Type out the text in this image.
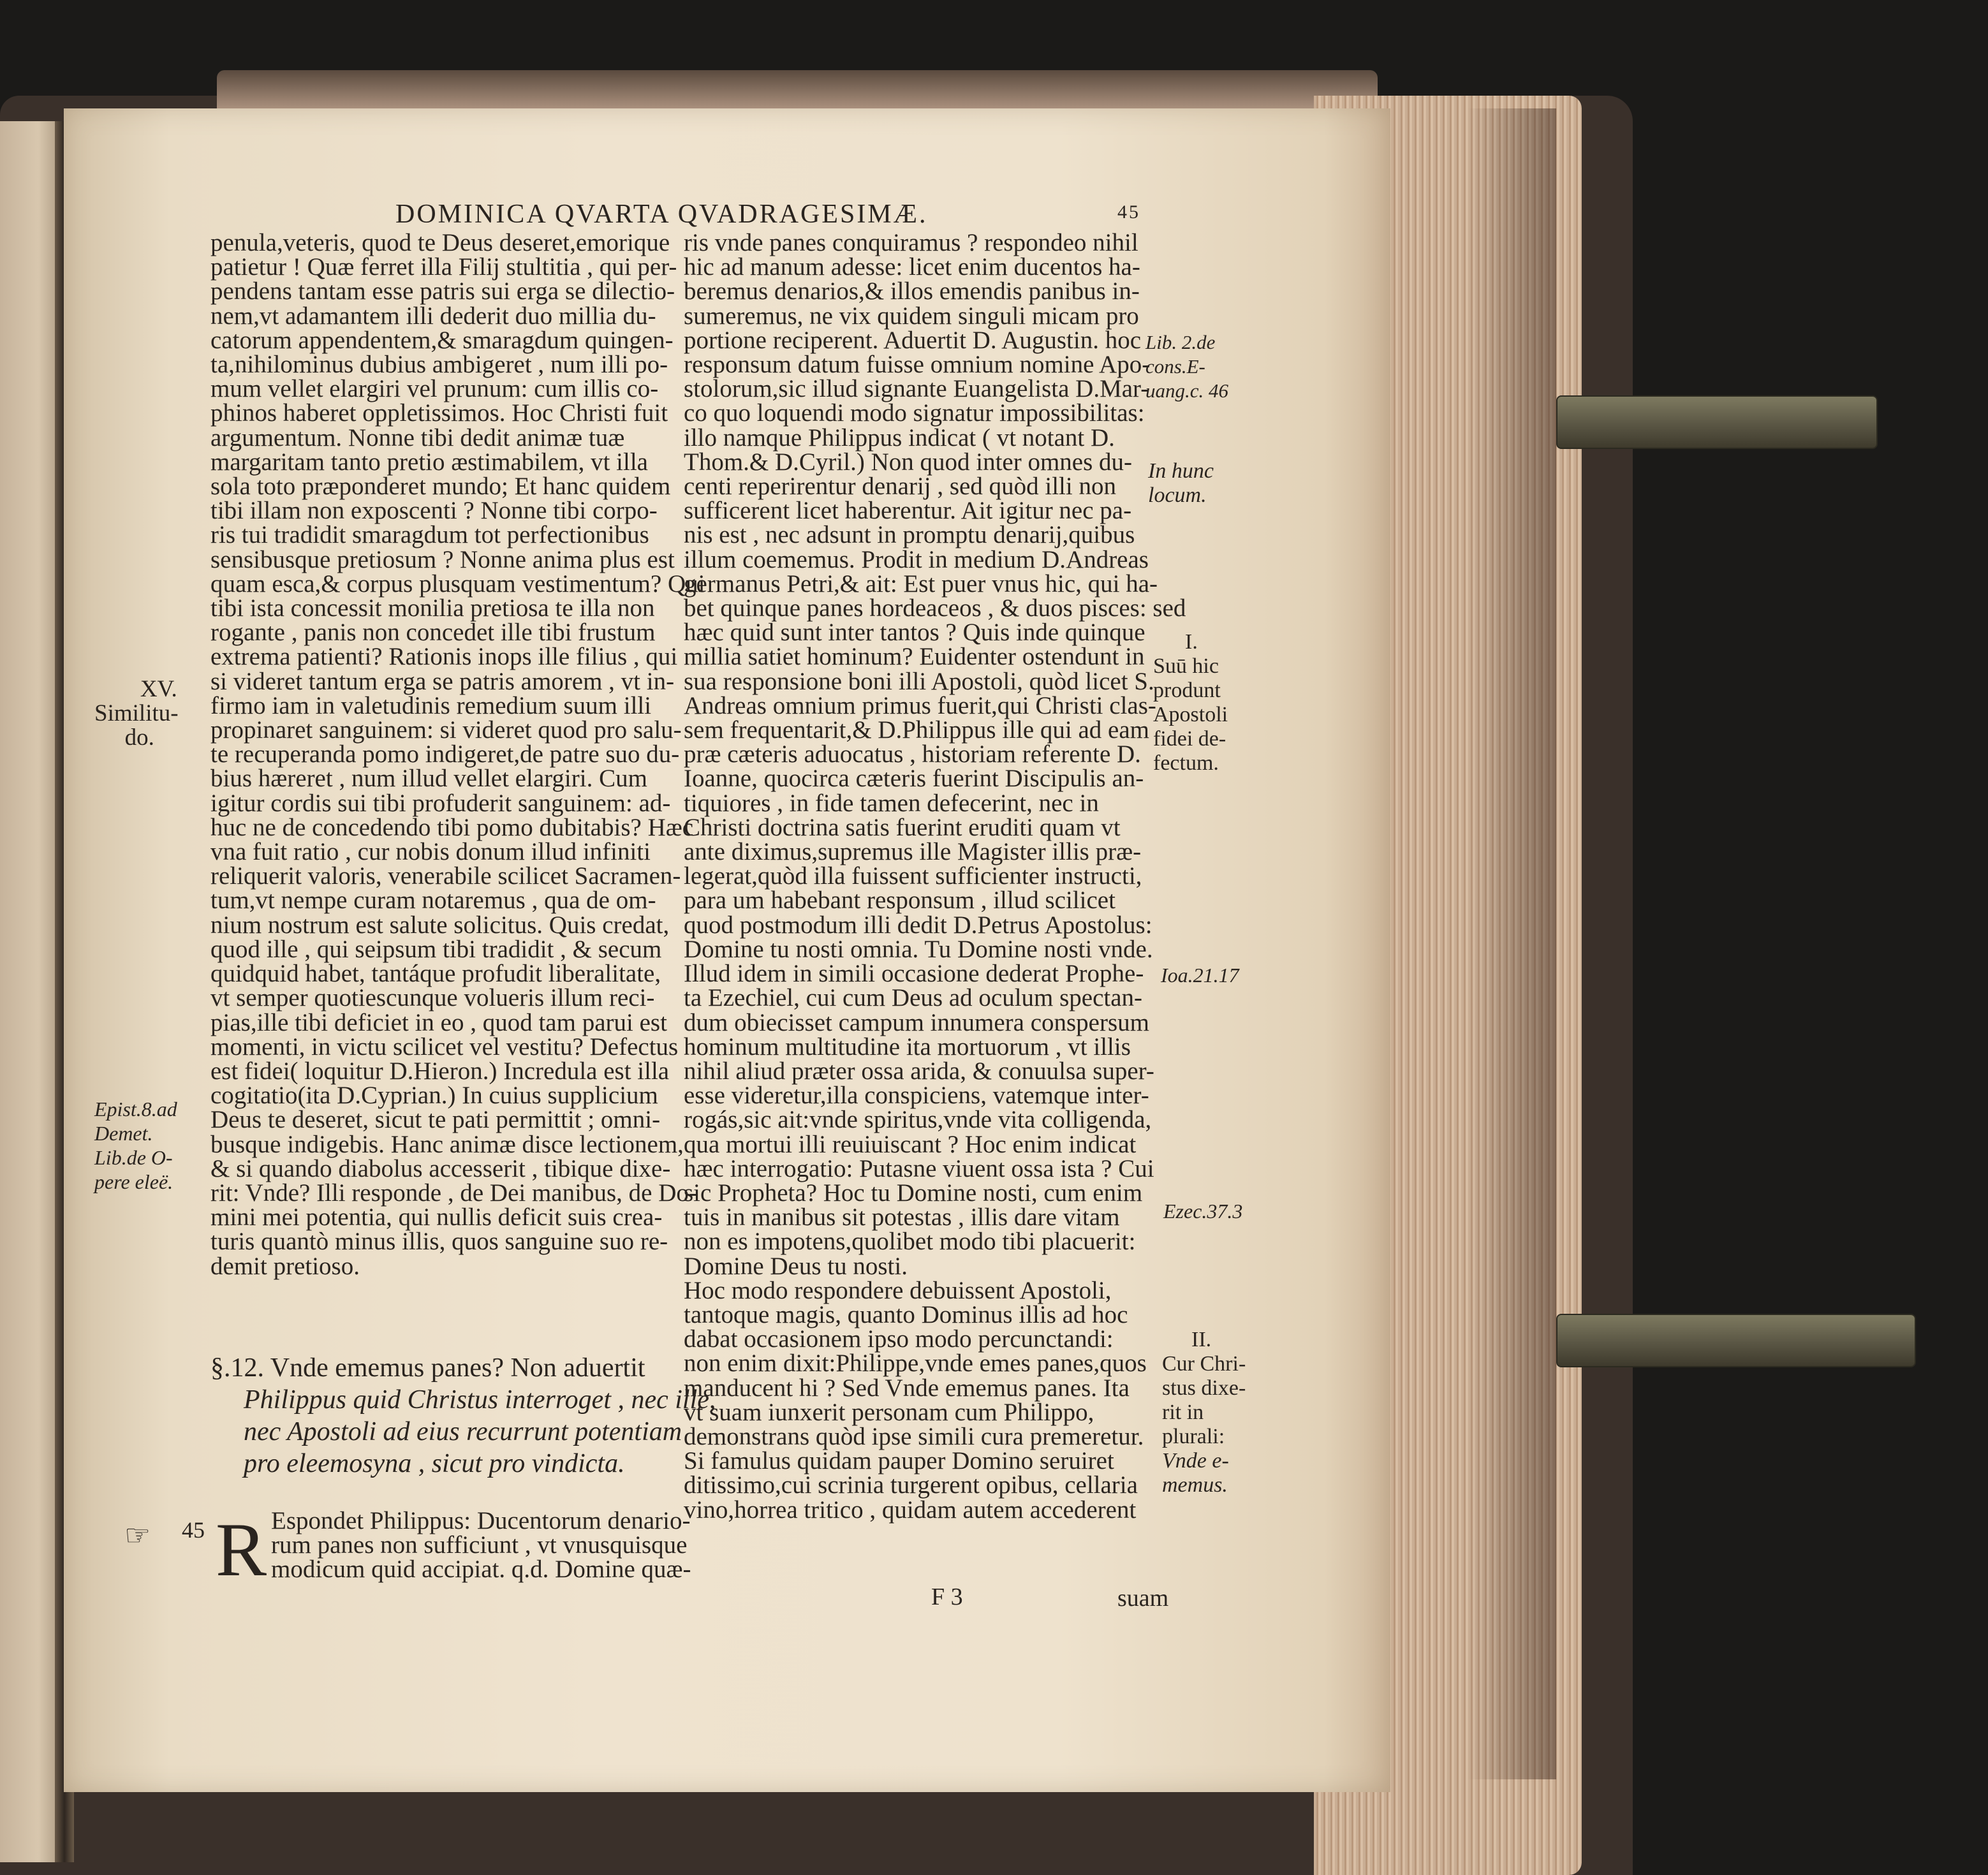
DOMINICA QVARTA QVADRAGESIMÆ.	45
penula,veteris, quod te Deus deseret,emorique
patietur ! Quæ ferret illa Filij stultitia , qui per-
pendens tantam esse patris sui erga se dilectio-
nem,vt adamantem illi dederit duo millia du-
catorum appendentem,& smaragdum quingen-
ta,nihilominus dubius ambigeret , num illi po-
mum vellet elargiri vel prunum: cum illis co-
phinos haberet oppletissimos. Hoc Christi fuit
argumentum. Nonne tibi dedit animæ tuæ
margaritam tanto pretio æstimabilem, vt illa
sola toto præponderet mundo; Et hanc quidem
tibi illam non exposcenti ? Nonne tibi corpo-
ris tui tradidit smaragdum tot perfectionibus
sensibusque pretiosum ? Nonne anima plus est
quam esca,& corpus plusquam vestimentum? Qui
tibi ista concessit monilia pretiosa te illa non
rogante , panis non concedet ille tibi frustum
extrema patienti? Rationis inops ille filius , qui
si videret tantum erga se patris amorem , vt in-
firmo iam in valetudinis remedium suum illi
propinaret sanguinem: si videret quod pro salu-
te recuperanda pomo indigeret,de patre suo du-
bius hæreret , num illud vellet elargiri. Cum
igitur cordis sui tibi profuderit sanguinem: ad-
huc ne de concedendo tibi pomo dubitabis? Hæc
vna fuit ratio , cur nobis donum illud infiniti
reliquerit valoris, venerabile scilicet Sacramen-
tum,vt nempe curam notaremus , qua de om-
nium nostrum est salute solicitus. Quis credat,
quod ille , qui seipsum tibi tradidit , & secum
quidquid habet, tantáque profudit liberalitate,
vt semper quotiescunque volueris illum reci-
pias,ille tibi deficiet in eo , quod tam parui est
momenti, in victu scilicet vel vestitu? Defectus
est fidei( loquitur D.Hieron.) Incredula est illa
cogitatio(ita D.Cyprian.) In cuius supplicium
Deus te deseret, sicut te pati permittit ; omni-
busque indigebis. Hanc animæ disce lectionem,
& si quando diabolus accesserit , tibique dixe-
rit: Vnde? Illi responde , de Dei manibus, de Do-
mini mei potentia, qui nullis deficit suis crea-
turis quantò minus illis, quos sanguine suo re-
demit pretioso.
§.12. Vnde ememus panes? Non aduertit
Philippus quid Christus interroget , nec ille,
nec Apostoli ad eius recurrunt potentiam
pro eleemosyna , sicut pro vindicta.
☞ 45 R Espondet Philippus: Ducentorum denario-
rum panes non sufficiunt , vt vnusquisque
modicum quid accipiat. q.d. Domine quæ-
ris vnde panes conquiramus ? respondeo nihil
hic ad manum adesse: licet enim ducentos ha-
beremus denarios,& illos emendis panibus in-
sumeremus, ne vix quidem singuli micam pro
portione reciperent. Aduertit D. Augustin. hoc
responsum datum fuisse omnium nomine Apo-
stolorum,sic illud signante Euangelista D.Mar-
co quo loquendi modo signatur impossibilitas:
illo namque Philippus indicat ( vt notant D.
Thom.& D.Cyril.) Non quod inter omnes du-
centi reperirentur denarij , sed quòd illi non
sufficerent licet haberentur. Ait igitur nec pa-
nis est , nec adsunt in promptu denarij,quibus
illum coememus. Prodit in medium D.Andreas
germanus Petri,& ait: Est puer vnus hic, qui ha-
bet quinque panes hordeaceos , & duos pisces: sed
hæc quid sunt inter tantos ? Quis inde quinque
millia satiet hominum? Euidenter ostendunt in
sua responsione boni illi Apostoli, quòd licet S.
Andreas omnium primus fuerit,qui Christi clas-
sem frequentarit,& D.Philippus ille qui ad eam
præ cæteris aduocatus , historiam referente D.
Ioanne, quocirca cæteris fuerint Discipulis an-
tiquiores , in fide tamen defecerint, nec in
Christi doctrina satis fuerint eruditi quam vt
ante diximus,supremus ille Magister illis præ-
legerat,quòd illa fuissent sufficienter instructi,
para um habebant responsum , illud scilicet
quod postmodum illi dedit D.Petrus Apostolus:
Domine tu nosti omnia. Tu Domine nosti vnde.
Illud idem in simili occasione dederat Prophe-
ta Ezechiel, cui cum Deus ad oculum spectan-
dum obiecisset campum innumera conspersum
hominum multitudine ita mortuorum , vt illis
nihil aliud præter ossa arida, & conuulsa super-
esse videretur,illa conspiciens, vatemque inter-
rogás,sic ait:vnde spiritus,vnde vita colligenda,
qua mortui illi reuiuiscant ? Hoc enim indicat
hæc interrogatio: Putasne viuent ossa ista ? Cui
sic Propheta? Hoc tu Domine nosti, cum enim
tuis in manibus sit potestas , illis dare vitam
non es impotens,quolibet modo tibi placuerit:
Domine Deus tu nosti.
Hoc modo respondere debuissent Apostoli,
tantoque magis, quanto Dominus illis ad hoc
dabat occasionem ipso modo percunctandi:
non enim dixit:Philippe,vnde emes panes,quos
manducent hi ? Sed Vnde ememus panes. Ita
vt suam iunxerit personam cum Philippo,
demonstrans quòd ipse simili cura premeretur.
Si famulus quidam pauper Domino seruiret
ditissimo,cui scrinia turgerent opibus, cellaria
vino,horrea tritico , quidam autem accederent
F 3	suam
XV.
Similitu-
do.
Epist.8.ad
Demet.
Lib.de O-
pere eleë.
Lib. 2.de
cons.E-
uang.c. 46
In hunc
locum.
I.
Suū hic
produnt
Apostoli
fidei de-
fectum.
Ioa.21.17
Ezec.37.3
II.
Cur Chri-
stus dixe-
rit in
plurali:
Vnde e-
memus.
